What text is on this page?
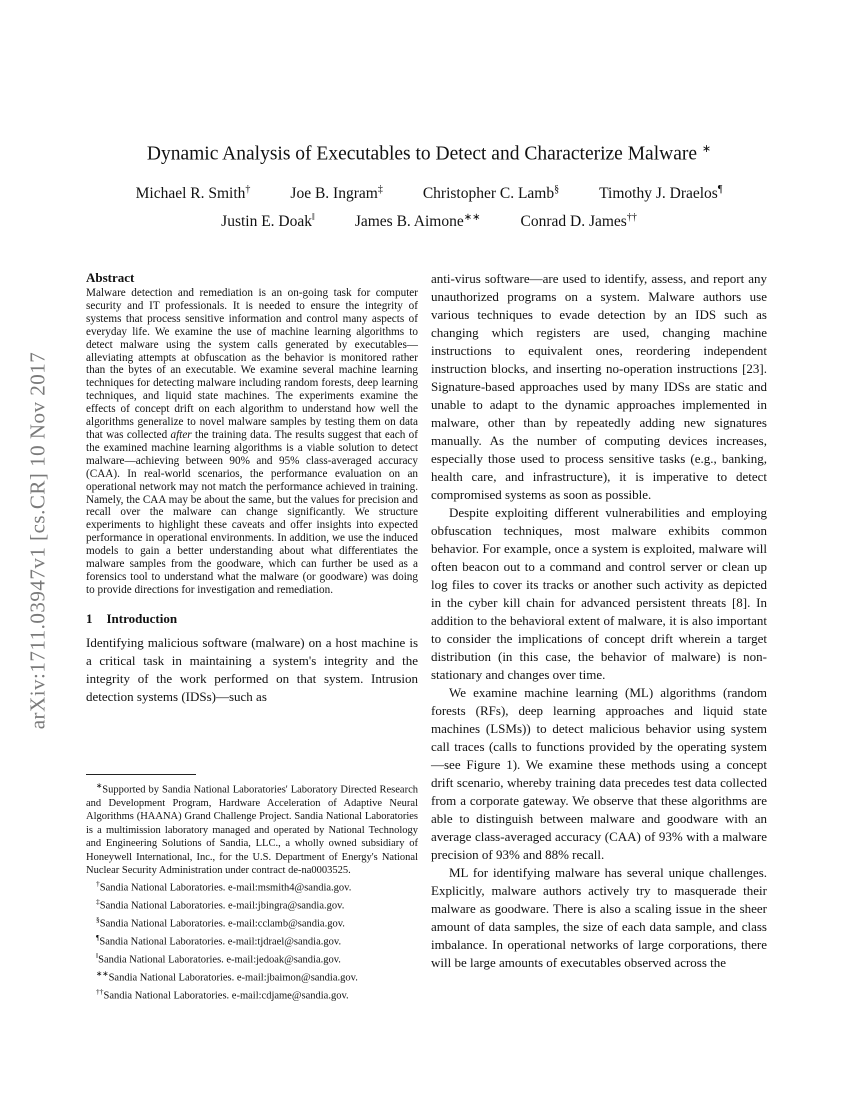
arXiv:1711.03947v1 [cs.CR] 10 Nov 2017
Dynamic Analysis of Executables to Detect and Characterize Malware ∗
Michael R. Smith†	Joe B. Ingram‡	Christopher C. Lamb§	Timothy J. Draelos¶
Justin E. Doak‖	James B. Aimone∗∗	Conrad D. James††
Abstract

Malware detection and remediation is an on-going task for computer security and IT professionals. It is needed to ensure the integrity of systems that process sensitive information and control many aspects of everyday life. We examine the use of machine learning algorithms to detect malware using the system calls generated by executables—alleviating attempts at obfuscation as the behavior is monitored rather than the bytes of an executable. We examine several machine learning techniques for detecting malware including random forests, deep learning techniques, and liquid state machines. The experiments examine the effects of concept drift on each algorithm to understand how well the algorithms generalize to novel malware samples by testing them on data that was collected after the training data. The results suggest that each of the examined machine learning algorithms is a viable solution to detect malware—achieving between 90% and 95% class-averaged accuracy (CAA). In real-world scenarios, the performance evaluation on an operational network may not match the performance achieved in training. Namely, the CAA may be about the same, but the values for precision and recall over the malware can change significantly. We structure experiments to highlight these caveats and offer insights into expected performance in operational environments. In addition, we use the induced models to gain a better understanding about what differentiates the malware samples from the goodware, which can further be used as a forensics tool to understand what the malware (or goodware) was doing to provide directions for investigation and remediation.

1 Introduction

Identifying malicious software (malware) on a host machine is a critical task in maintaining a system's integrity and the integrity of the work performed on that system. Intrusion detection systems (IDSs)—such as

∗Supported by Sandia National Laboratories' Laboratory Directed Research and Development Program, Hardware Acceleration of Adaptive Neural Algorithms (HAANA) Grand Challenge Project. Sandia National Laboratories is a multimission laboratory managed and operated by National Technology and Engineering Solutions of Sandia, LLC., a wholly owned subsidiary of Honeywell International, Inc., for the U.S. Department of Energy's National Nuclear Security Administration under contract de-na0003525.

†Sandia National Laboratories. e-mail:msmith4@sandia.gov.

‡Sandia National Laboratories. e-mail:jbingra@sandia.gov.

§Sandia National Laboratories. e-mail:cclamb@sandia.gov.

¶Sandia National Laboratories. e-mail:tjdrael@sandia.gov.

‖Sandia National Laboratories. e-mail:jedoak@sandia.gov.

∗∗Sandia National Laboratories. e-mail:jbaimon@sandia.gov.

††Sandia National Laboratories. e-mail:cdjame@sandia.gov.

anti-virus software—are used to identify, assess, and report any unauthorized programs on a system. Malware authors use various techniques to evade detection by an IDS such as changing which registers are used, changing machine instructions to equivalent ones, reordering independent instruction blocks, and inserting no-operation instructions [23]. Signature-based approaches used by many IDSs are static and unable to adapt to the dynamic approaches implemented in malware, other than by repeatedly adding new signatures manually. As the number of computing devices increases, especially those used to process sensitive tasks (e.g., banking, health care, and infrastructure), it is imperative to detect compromised systems as soon as possible.

Despite exploiting different vulnerabilities and employing obfuscation techniques, most malware exhibits common behavior. For example, once a system is exploited, malware will often beacon out to a command and control server or clean up log files to cover its tracks or another such activity as depicted in the cyber kill chain for advanced persistent threats [8]. In addition to the behavioral extent of malware, it is also important to consider the implications of concept drift wherein a target distribution (in this case, the behavior of malware) is non-stationary and changes over time.

We examine machine learning (ML) algorithms (random forests (RFs), deep learning approaches and liquid state machines (LSMs)) to detect malicious behavior using system call traces (calls to functions provided by the operating system—see Figure 1). We examine these methods using a concept drift scenario, whereby training data precedes test data collected from a corporate gateway. We observe that these algorithms are able to distinguish between malware and goodware with an average class-averaged accuracy (CAA) of 93% with a malware precision of 93% and 88% recall.

ML for identifying malware has several unique challenges. Explicitly, malware authors actively try to masquerade their malware as goodware. There is also a scaling issue in the sheer amount of data samples, the size of each data sample, and class imbalance. In operational networks of large corporations, there will be large amounts of executables observed across the
